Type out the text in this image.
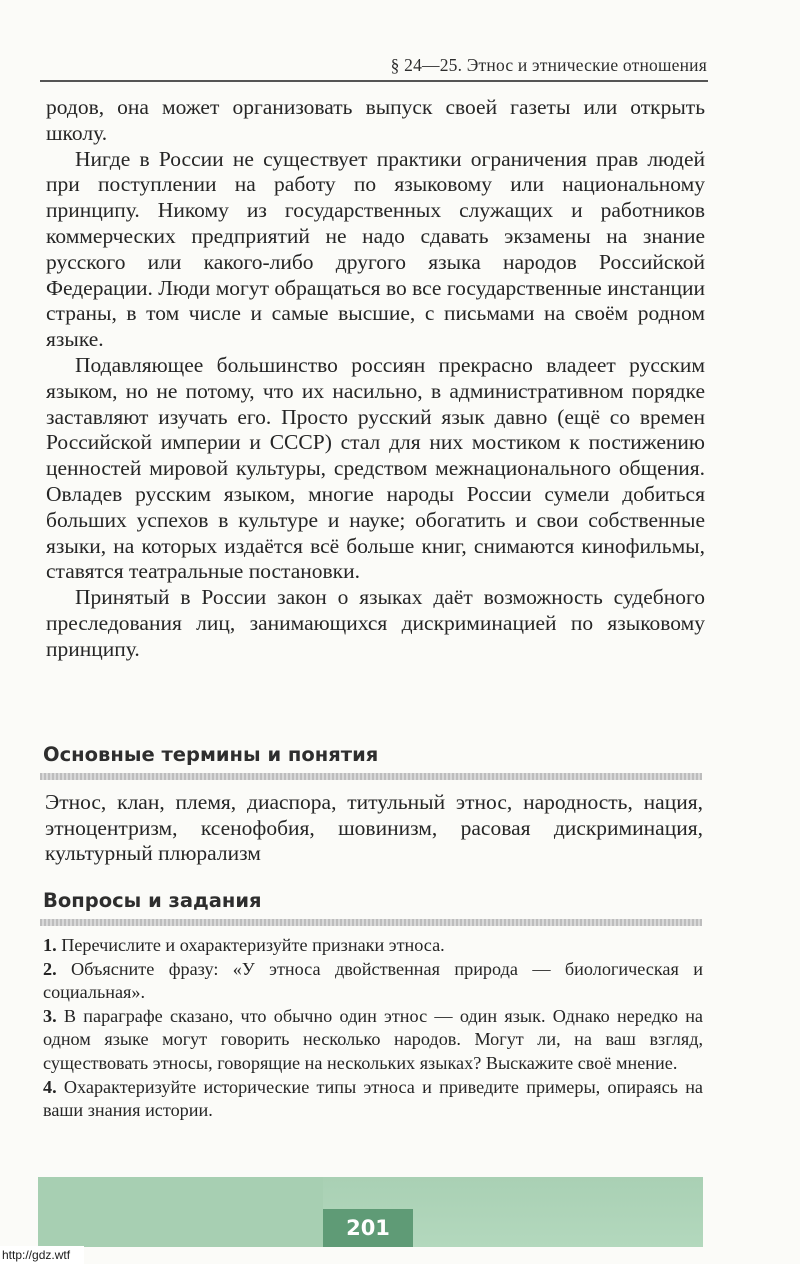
§ 24—25. Этнос и этнические отношения

родов, она может организовать выпуск своей газеты или открыть школу.

Нигде в России не существует практики ограничения прав людей при поступлении на работу по языковому или национальному принципу. Никому из государственных служащих и работников коммерческих предприятий не надо сдавать экзамены на знание русского или какого-либо другого языка народов Российской Федерации. Люди могут обращаться во все государственные инстанции страны, в том числе и самые высшие, с письмами на своём родном языке.

Подавляющее большинство россиян прекрасно владеет русским языком, но не потому, что их насильно, в административном порядке заставляют изучать его. Просто русский язык давно (ещё со времен Российской империи и СССР) стал для них мостиком к постижению ценностей мировой культуры, средством межнационального общения. Овладев русским языком, многие народы России сумели добиться больших успехов в культуре и науке; обогатить и свои собственные языки, на которых издаётся всё больше книг, снимаются кинофильмы, ставятся театральные постановки.

Принятый в России закон о языках даёт возможность судебного преследования лиц, занимающихся дискриминацией по языковому принципу.

Основные термины и понятия
Этнос, клан, племя, диаспора, титульный этнос, народность, нация, этноцентризм, ксенофобия, шовинизм, расовая дискриминация, культурный плюрализм
Вопросы и задания

1. Перечислите и охарактеризуйте признаки этноса.

2. Объясните фразу: «У этноса двойственная природа — биологическая и социальная».

3. В параграфе сказано, что обычно один этнос — один язык. Однако нередко на одном языке могут говорить несколько народов. Могут ли, на ваш взгляд, существовать этносы, говорящие на нескольких языках? Выскажите своё мнение.

4. Охарактеризуйте исторические типы этноса и приведите примеры, опираясь на ваши знания истории.

201
http://gdz.wtf
